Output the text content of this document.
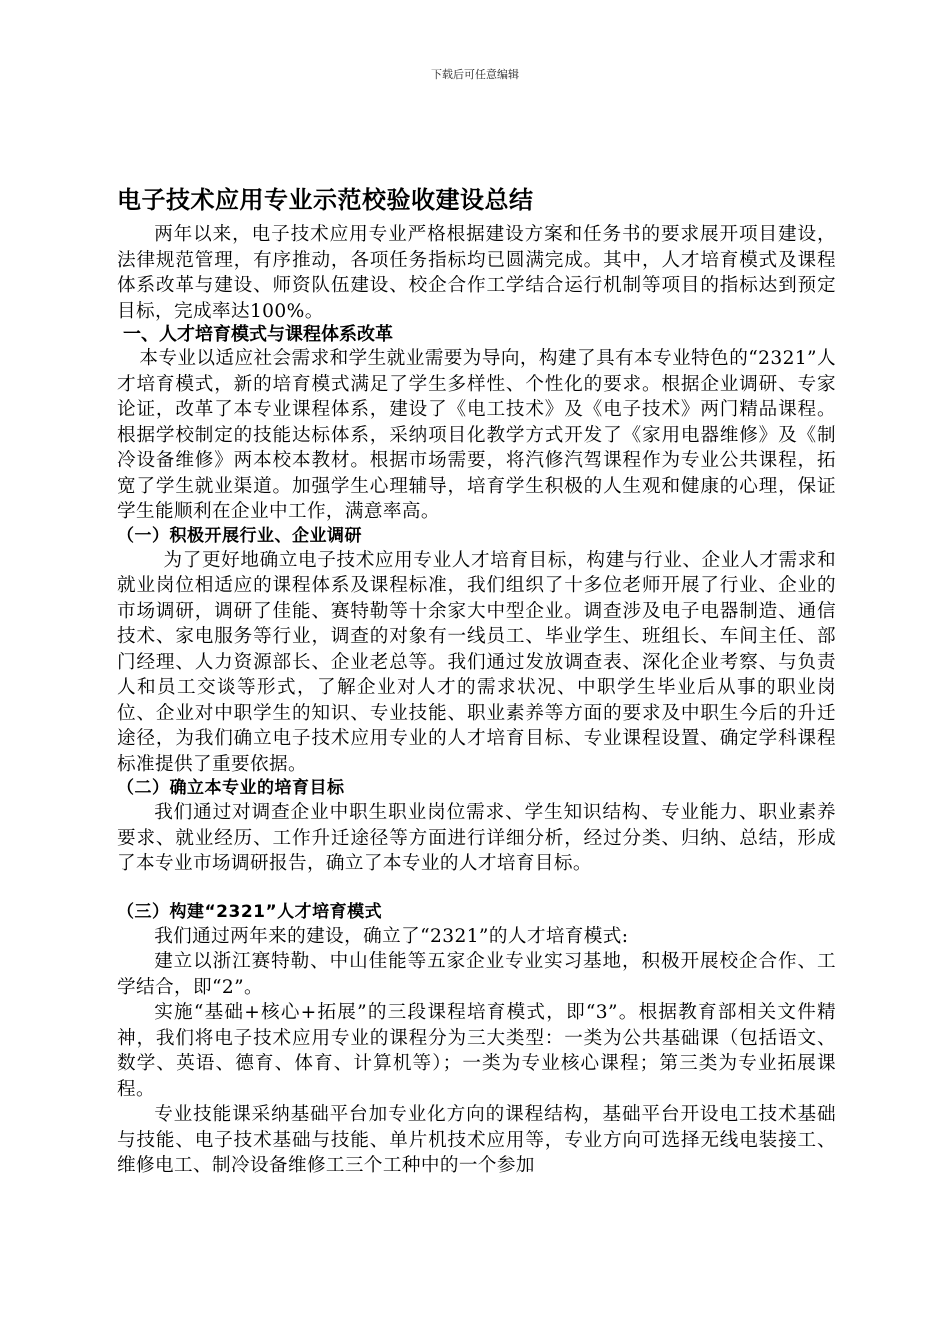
下载后可任意编辑
电子技术应用专业示范校验收建设总结

两年以来，电子技术应用专业严格根据建设方案和任务书的要求展开项目建设，法律规范管理，有序推动，各项任务指标均已圆满完成。其中，人才培育模式及课程体系改革与建设、师资队伍建设、校企合作工学结合运行机制等项目的指标达到预定目标，完成率达100%。

一、人才培育模式与课程体系改革

本专业以适应社会需求和学生就业需要为导向，构建了具有本专业特色的“2321”人才培育模式，新的培育模式满足了学生多样性、个性化的要求。根据企业调研、专家论证，改革了本专业课程体系，建设了《电工技术》及《电子技术》两门精品课程。根据学校制定的技能达标体系，采纳项目化教学方式开发了《家用电器维修》及《制冷设备维修》两本校本教材。根据市场需要，将汽修汽驾课程作为专业公共课程，拓宽了学生就业渠道。加强学生心理辅导，培育学生积极的人生观和健康的心理，保证学生能顺利在企业中工作，满意率高。

（一）积极开展行业、企业调研

为了更好地确立电子技术应用专业人才培育目标，构建与行业、企业人才需求和就业岗位相适应的课程体系及课程标准，我们组织了十多位老师开展了行业、企业的市场调研，调研了佳能、赛特勒等十余家大中型企业。调查涉及电子电器制造、通信技术、家电服务等行业，调查的对象有一线员工、毕业学生、班组长、车间主任、部门经理、人力资源部长、企业老总等。我们通过发放调查表、深化企业考察、与负责人和员工交谈等形式，了解企业对人才的需求状况、中职学生毕业后从事的职业岗位、企业对中职学生的知识、专业技能、职业素养等方面的要求及中职生今后的升迁途径，为我们确立电子技术应用专业的人才培育目标、专业课程设置、确定学科课程标准提供了重要依据。

（二）确立本专业的培育目标

我们通过对调查企业中职生职业岗位需求、学生知识结构、专业能力、职业素养要求、就业经历、工作升迁途径等方面进行详细分析，经过分类、归纳、总结，形成了本专业市场调研报告，确立了本专业的人才培育目标。

（三）构建“2321”人才培育模式

我们通过两年来的建设，确立了“2321”的人才培育模式:

建立以浙江赛特勒、中山佳能等五家企业专业实习基地，积极开展校企合作、工学结合，即“2”。

实施“基础+核心+拓展”的三段课程培育模式，即“3”。根据教育部相关文件精神，我们将电子技术应用专业的课程分为三大类型：一类为公共基础课（包括语文、数学、英语、德育、体育、计算机等）；一类为专业核心课程；第三类为专业拓展课程。

专业技能课采纳基础平台加专业化方向的课程结构，基础平台开设电工技术基础与技能、电子技术基础与技能、单片机技术应用等，专业方向可选择无线电装接工、维修电工、制冷设备维修工三个工种中的一个参加
